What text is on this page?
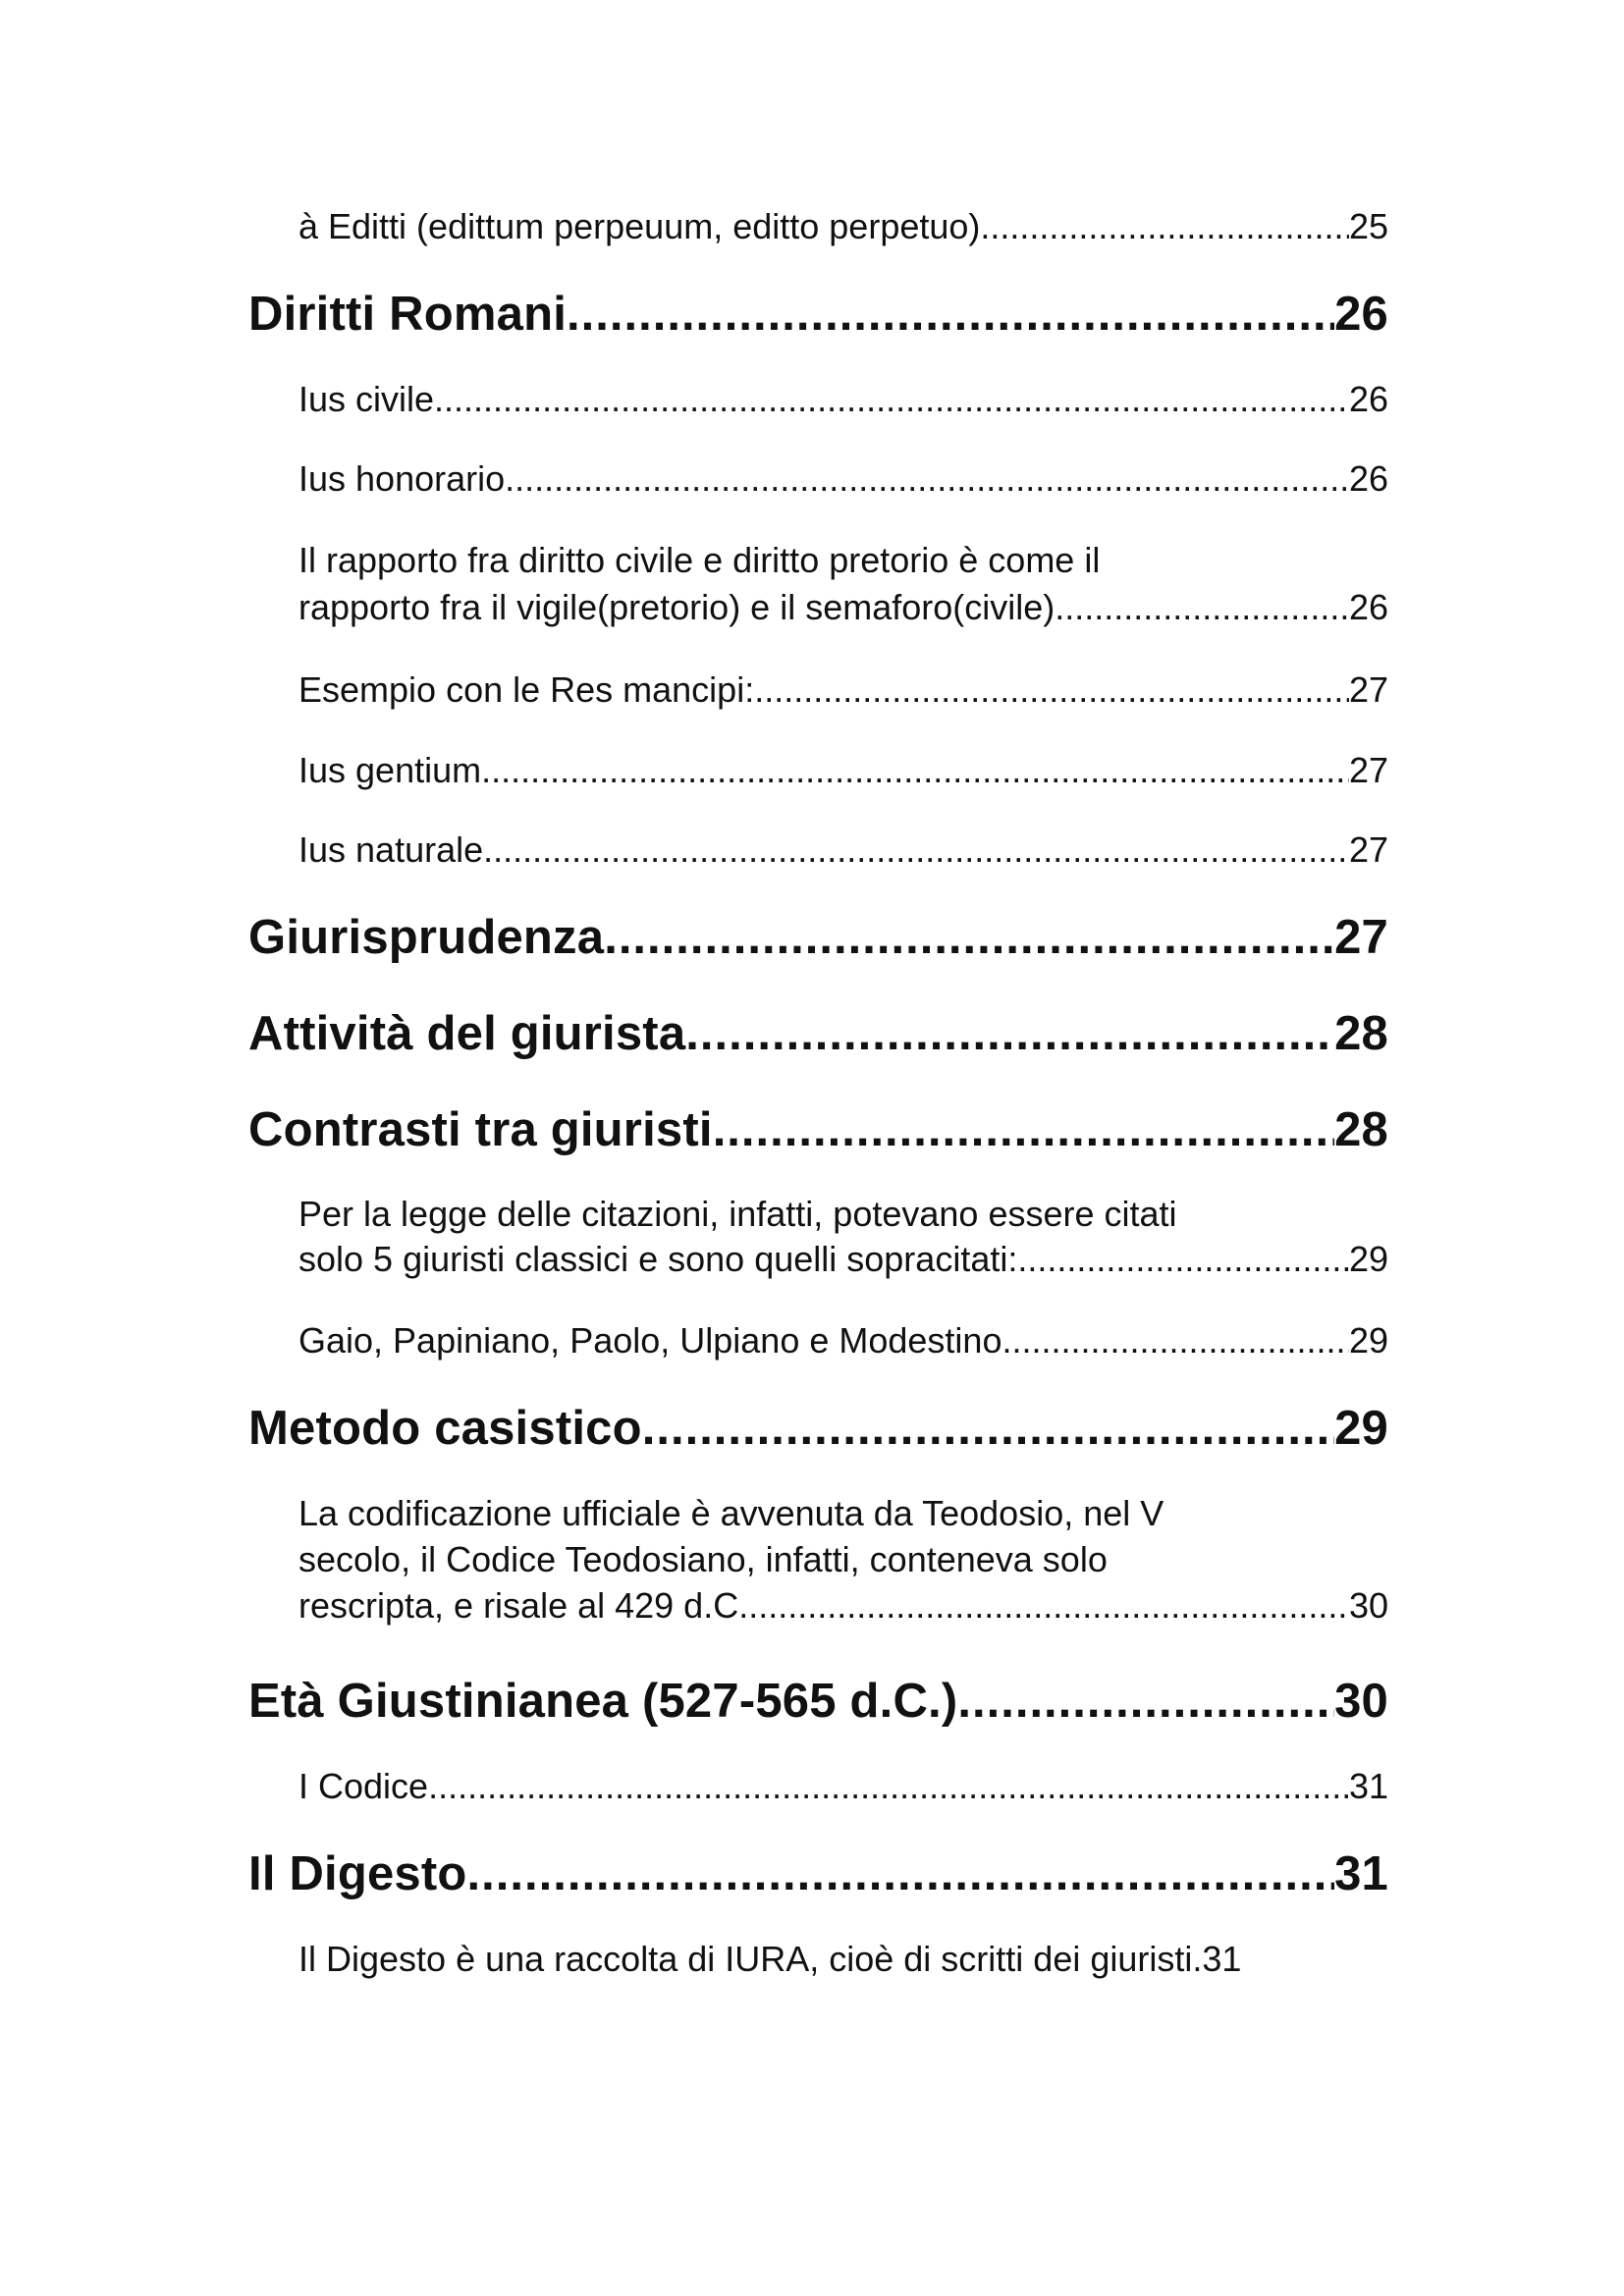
à Editti (edittum perpeuum, editto perpetuo). .....	25
Diritti Romani .....	26
Ius civile .....	26
Ius honorario .....	26
Il rapporto fra diritto civile e diritto pretorio è come il
rapporto fra il vigile(pretorio) e il semaforo(civile). .....	26
Esempio con le Res mancipi: .....	27
Ius gentium .....	27
Ius naturale .....	27
Giurisprudenza .....	27
Attività del giurista .....	28
Contrasti tra giuristi .....	28
Per la legge delle citazioni, infatti, potevano essere citati
solo 5 giuristi classici e sono quelli sopracitati: .....	29
Gaio, Papiniano, Paolo, Ulpiano e Modestino. .....	29
Metodo casistico .....	29
La codificazione ufficiale è avvenuta da Teodosio, nel V
secolo, il Codice Teodosiano, infatti, conteneva solo
rescripta, e risale al 429 d.C. .....	30
Età Giustinianea (527-565 d.C.) .....	30
I Codice .....	31
Il Digesto .....	31
Il Digesto è una raccolta di IURA, cioè di scritti dei giuristi.31
